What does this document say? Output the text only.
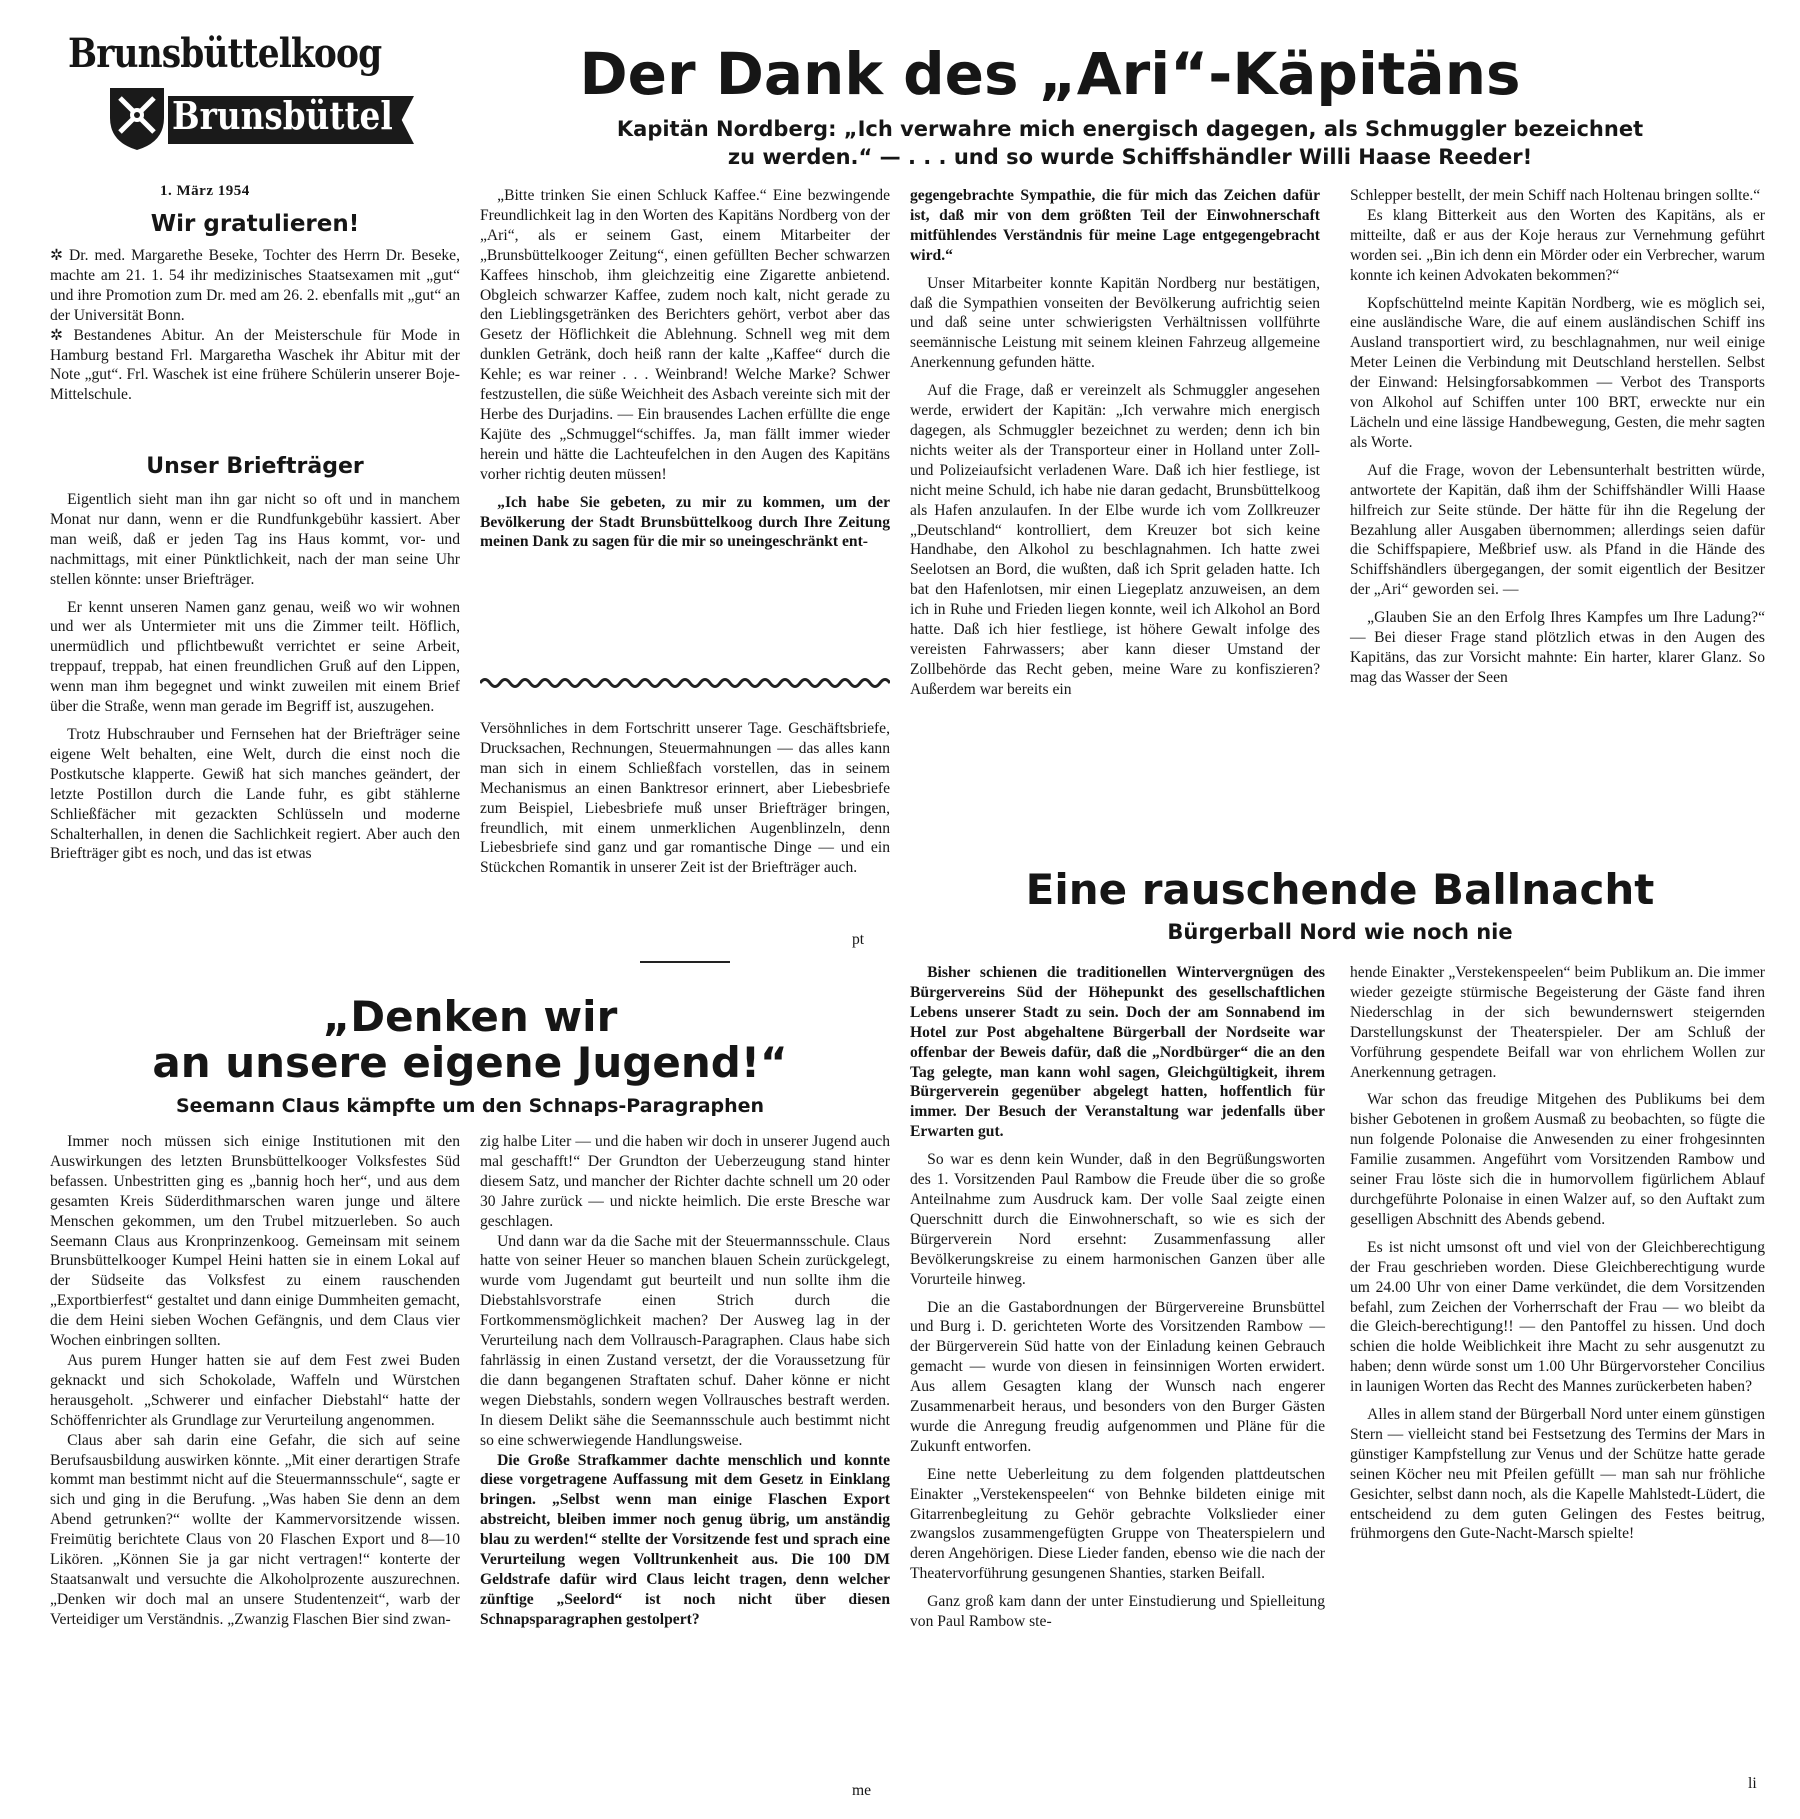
Brunsbüttelkoog
Brunsbüttel
1. März 1954
Der Dank des „Ari“-Käpitäns
Kapitän Nordberg: „Ich verwahre mich energisch dagegen, als Schmuggler bezeichnet
zu werden.“ — . . . und so wurde Schiffshändler Willi Haase Reeder!

„Bitte trinken Sie einen Schluck Kaffee.“ Eine bezwingende Freundlichkeit lag in den Worten des Kapitäns Nordberg von der „Ari“, als er seinem Gast, einem Mitarbeiter der „Brunsbüttelkooger Zeitung“, einen gefüllten Becher schwarzen Kaffees hinschob, ihm gleichzeitig eine Zigarette anbietend. Obgleich schwarzer Kaffee, zudem noch kalt, nicht gerade zu den Lieblingsgetränken des Berichters gehört, verbot aber das Gesetz der Höflichkeit die Ablehnung. Schnell weg mit dem dunklen Getränk, doch heiß rann der kalte „Kaffee“ durch die Kehle; es war reiner . . . Weinbrand! Welche Marke? Schwer festzustellen, die süße Weichheit des Asbach vereinte sich mit der Herbe des Durjadins. — Ein brausendes Lachen erfüllte die enge Kajüte des „Schmuggel“schiffes. Ja, man fällt immer wieder herein und hätte die Lachteufelchen in den Augen des Kapitäns vorher richtig deuten müssen!

„Ich habe Sie gebeten, zu mir zu kommen, um der Bevölkerung der Stadt Brunsbüttelkoog durch Ihre Zeitung meinen Dank zu sagen für die mir so uneingeschränkt ent-

gegengebrachte Sympathie, die für mich das Zeichen dafür ist, daß mir von dem größten Teil der Einwohnerschaft mitfühlendes Verständnis für meine Lage entgegengebracht wird.“

Unser Mitarbeiter konnte Kapitän Nordberg nur bestätigen, daß die Sympathien vonseiten der Bevölkerung aufrichtig seien und daß seine unter schwierigsten Verhältnissen vollführte seemännische Leistung mit seinem kleinen Fahrzeug allgemeine Anerkennung gefunden hätte.

Auf die Frage, daß er vereinzelt als Schmuggler angesehen werde, erwidert der Kapitän: „Ich verwahre mich energisch dagegen, als Schmuggler bezeichnet zu werden; denn ich bin nichts weiter als der Transporteur einer in Holland unter Zoll- und Polizeiaufsicht verladenen Ware. Daß ich hier festliege, ist nicht meine Schuld, ich habe nie daran gedacht, Brunsbüttelkoog als Hafen anzulaufen. In der Elbe wurde ich vom Zollkreuzer „Deutschland“ kontrolliert, dem Kreuzer bot sich keine Handhabe, den Alkohol zu beschlagnahmen. Ich hatte zwei Seelotsen an Bord, die wußten, daß ich Sprit geladen hatte. Ich bat den Hafenlotsen, mir einen Liegeplatz anzuweisen, an dem ich in Ruhe und Frieden liegen konnte, weil ich Alkohol an Bord hatte. Daß ich hier festliege, ist höhere Gewalt infolge des vereisten Fahrwassers; aber kann dieser Umstand der Zollbehörde das Recht geben, meine Ware zu konfiszieren? Außerdem war bereits ein

Schlepper bestellt, der mein Schiff nach Holtenau bringen sollte.“

Es klang Bitterkeit aus den Worten des Kapitäns, als er mitteilte, daß er aus der Koje heraus zur Vernehmung geführt worden sei. „Bin ich denn ein Mörder oder ein Verbrecher, warum konnte ich keinen Advokaten bekommen?“

Kopfschüttelnd meinte Kapitän Nordberg, wie es möglich sei, eine ausländische Ware, die auf einem ausländischen Schiff ins Ausland transportiert wird, zu beschlagnahmen, nur weil einige Meter Leinen die Verbindung mit Deutschland herstellen. Selbst der Einwand: Helsingforsabkommen — Verbot des Transports von Alkohol auf Schiffen unter 100 BRT, erweckte nur ein Lächeln und eine lässige Handbewegung, Gesten, die mehr sagten als Worte.

Auf die Frage, wovon der Lebensunterhalt bestritten würde, antwortete der Kapitän, daß ihm der Schiffshändler Willi Haase hilfreich zur Seite stünde. Der hätte für ihn die Regelung der Bezahlung aller Ausgaben übernommen; allerdings seien dafür die Schiffspapiere, Meßbrief usw. als Pfand in die Hände des Schiffshändlers übergegangen, der somit eigentlich der Besitzer der „Ari“ geworden sei. —

„Glauben Sie an den Erfolg Ihres Kampfes um Ihre Ladung?“ — Bei dieser Frage stand plötzlich etwas in den Augen des Kapitäns, das zur Vorsicht mahnte: Ein harter, klarer Glanz. So mag das Wasser der Seen

Wir gratulieren!

✲ Dr. med. Margarethe Beseke, Tochter des Herrn Dr. Beseke, machte am 21. 1. 54 ihr medizinisches Staatsexamen mit „gut“ und ihre Promotion zum Dr. med am 26. 2. ebenfalls mit „gut“ an der Universität Bonn.

✲ Bestandenes Abitur. An der Meisterschule für Mode in Hamburg bestand Frl. Margaretha Waschek ihr Abitur mit der Note „gut“. Frl. Waschek ist eine frühere Schülerin unserer Boje-Mittelschule.

Unser Briefträger

Eigentlich sieht man ihn gar nicht so oft und in manchem Monat nur dann, wenn er die Rundfunkgebühr kassiert. Aber man weiß, daß er jeden Tag ins Haus kommt, vor- und nachmittags, mit einer Pünktlichkeit, nach der man seine Uhr stellen könnte: unser Briefträger.

Er kennt unseren Namen ganz genau, weiß wo wir wohnen und wer als Untermieter mit uns die Zimmer teilt. Höflich, unermüdlich und pflichtbewußt verrichtet er seine Arbeit, treppauf, treppab, hat einen freundlichen Gruß auf den Lippen, wenn man ihm begegnet und winkt zuweilen mit einem Brief über die Straße, wenn man gerade im Begriff ist, auszugehen.

Trotz Hubschrauber und Fernsehen hat der Briefträger seine eigene Welt behalten, eine Welt, durch die einst noch die Postkutsche klapperte. Gewiß hat sich manches geändert, der letzte Postillon durch die Lande fuhr, es gibt stählerne Schließfächer mit gezackten Schlüsseln und moderne Schalterhallen, in denen die Sachlichkeit regiert. Aber auch den Briefträger gibt es noch, und das ist etwas

Versöhnliches in dem Fortschritt unserer Tage. Geschäftsbriefe, Drucksachen, Rechnungen, Steuermahnungen — das alles kann man sich in einem Schließfach vorstellen, das in seinem Mechanismus an einen Banktresor erinnert, aber Liebesbriefe zum Beispiel, Liebesbriefe muß unser Briefträger bringen, freundlich, mit einem unmerklichen Augenblinzeln, denn Liebesbriefe sind ganz und gar romantische Dinge — und ein Stückchen Romantik in unserer Zeit ist der Briefträger auch.

pt
„Denken wir
an unsere eigene Jugend!“
Seemann Claus kämpfte um den Schnaps-Paragraphen

Immer noch müssen sich einige Institutionen mit den Auswirkungen des letzten Brunsbüttelkooger Volksfestes Süd befassen. Unbestritten ging es „bannig hoch her“, und aus dem gesamten Kreis Süderdithmarschen waren junge und ältere Menschen gekommen, um den Trubel mitzuerleben. So auch Seemann Claus aus Kronprinzenkoog. Gemeinsam mit seinem Brunsbüttelkooger Kumpel Heini hatten sie in einem Lokal auf der Südseite das Volksfest zu einem rauschenden „Exportbierfest“ gestaltet und dann einige Dummheiten gemacht, die dem Heini sieben Wochen Gefängnis, und dem Claus vier Wochen einbringen sollten.

Aus purem Hunger hatten sie auf dem Fest zwei Buden geknackt und sich Schokolade, Waffeln und Würstchen herausgeholt. „Schwerer und einfacher Diebstahl“ hatte der Schöffenrichter als Grundlage zur Verurteilung angenommen.

Claus aber sah darin eine Gefahr, die sich auf seine Berufsausbildung auswirken könnte. „Mit einer derartigen Strafe kommt man bestimmt nicht auf die Steuermannsschule“, sagte er sich und ging in die Berufung. „Was haben Sie denn an dem Abend getrunken?“ wollte der Kammervorsitzende wissen. Freimütig berichtete Claus von 20 Flaschen Export und 8—10 Likören. „Können Sie ja gar nicht vertragen!“ konterte der Staatsanwalt und versuchte die Alkoholprozente auszurechnen. „Denken wir doch mal an unsere Studentenzeit“, warb der Verteidiger um Verständnis. „Zwanzig Flaschen Bier sind zwan-

zig halbe Liter — und die haben wir doch in unserer Jugend auch mal geschafft!“ Der Grundton der Ueberzeugung stand hinter diesem Satz, und mancher der Richter dachte schnell um 20 oder 30 Jahre zurück — und nickte heimlich. Die erste Bresche war geschlagen.

Und dann war da die Sache mit der Steuermannsschule. Claus hatte von seiner Heuer so manchen blauen Schein zurückgelegt, wurde vom Jugendamt gut beurteilt und nun sollte ihm die Diebstahlsvorstrafe einen Strich durch die Fortkommensmöglichkeit machen? Der Ausweg lag in der Verurteilung nach dem Vollrausch-Paragraphen. Claus habe sich fahrlässig in einen Zustand versetzt, der die Voraussetzung für die dann begangenen Straftaten schuf. Daher könne er nicht wegen Diebstahls, sondern wegen Vollrausches bestraft werden. In diesem Delikt sähe die Seemannsschule auch bestimmt nicht so eine schwerwiegende Handlungsweise.

Die Große Strafkammer dachte menschlich und konnte diese vorgetragene Auffassung mit dem Gesetz in Einklang bringen. „Selbst wenn man einige Flaschen Export abstreicht, bleiben immer noch genug übrig, um anständig blau zu werden!“ stellte der Vorsitzende fest und sprach eine Verurteilung wegen Volltrunkenheit aus. Die 100 DM Geldstrafe dafür wird Claus leicht tragen, denn welcher zünftige „Seelord“ ist noch nicht über diesen Schnapsparagraphen gestolpert?

me
Eine rauschende Ballnacht
Bürgerball Nord wie noch nie

Bisher schienen die traditionellen Wintervergnügen des Bürgervereins Süd der Höhepunkt des gesellschaftlichen Lebens unserer Stadt zu sein. Doch der am Sonnabend im Hotel zur Post abgehaltene Bürgerball der Nordseite war offenbar der Beweis dafür, daß die „Nordbürger“ die an den Tag gelegte, man kann wohl sagen, Gleichgültigkeit, ihrem Bürgerverein gegenüber abgelegt hatten, hoffentlich für immer. Der Besuch der Veranstaltung war jedenfalls über Erwarten gut.

So war es denn kein Wunder, daß in den Begrüßungsworten des 1. Vorsitzenden Paul Rambow die Freude über die so große Anteilnahme zum Ausdruck kam. Der volle Saal zeigte einen Querschnitt durch die Einwohnerschaft, so wie es sich der Bürgerverein Nord ersehnt: Zusammenfassung aller Bevölkerungskreise zu einem harmonischen Ganzen über alle Vorurteile hinweg.

Die an die Gastabordnungen der Bürgervereine Brunsbüttel und Burg i. D. gerichteten Worte des Vorsitzenden Rambow — der Bürgerverein Süd hatte von der Einladung keinen Gebrauch gemacht — wurde von diesen in feinsinnigen Worten erwidert. Aus allem Gesagten klang der Wunsch nach engerer Zusammenarbeit heraus, und besonders von den Burger Gästen wurde die Anregung freudig aufgenommen und Pläne für die Zukunft entworfen.

Eine nette Ueberleitung zu dem folgenden plattdeutschen Einakter „Verstekenspeelen“ von Behnke bildeten einige mit Gitarrenbegleitung zu Gehör gebrachte Volkslieder einer zwangslos zusammengefügten Gruppe von Theaterspielern und deren Angehörigen. Diese Lieder fanden, ebenso wie die nach der Theatervorführung gesungenen Shanties, starken Beifall.

Ganz groß kam dann der unter Einstudierung und Spielleitung von Paul Rambow ste-

hende Einakter „Verstekenspeelen“ beim Publikum an. Die immer wieder gezeigte stürmische Begeisterung der Gäste fand ihren Niederschlag in der sich bewundernswert steigernden Darstellungskunst der Theaterspieler. Der am Schluß der Vorführung gespendete Beifall war von ehrlichem Wollen zur Anerkennung getragen.

War schon das freudige Mitgehen des Publikums bei dem bisher Gebotenen in großem Ausmaß zu beobachten, so fügte die nun folgende Polonaise die Anwesenden zu einer frohgesinnten Familie zusammen. Angeführt vom Vorsitzenden Rambow und seiner Frau löste sich die in humorvollem figürlichem Ablauf durchgeführte Polonaise in einen Walzer auf, so den Auftakt zum geselligen Abschnitt des Abends gebend.

Es ist nicht umsonst oft und viel von der Gleichberechtigung der Frau geschrieben worden. Diese Gleichberechtigung wurde um 24.00 Uhr von einer Dame verkündet, die dem Vorsitzenden befahl, zum Zeichen der Vorherrschaft der Frau — wo bleibt da die Gleich-berechtigung!! — den Pantoffel zu hissen. Und doch schien die holde Weiblichkeit ihre Macht zu sehr ausgenutzt zu haben; denn würde sonst um 1.00 Uhr Bürgervorsteher Concilius in launigen Worten das Recht des Mannes zurückerbeten haben?

Alles in allem stand der Bürgerball Nord unter einem günstigen Stern — vielleicht stand bei Festsetzung des Termins der Mars in günstiger Kampfstellung zur Venus und der Schütze hatte gerade seinen Köcher neu mit Pfeilen gefüllt — man sah nur fröhliche Gesichter, selbst dann noch, als die Kapelle Mahlstedt-Lüdert, die entscheidend zu dem guten Gelingen des Festes beitrug, frühmorgens den Gute-Nacht-Marsch spielte!

li
